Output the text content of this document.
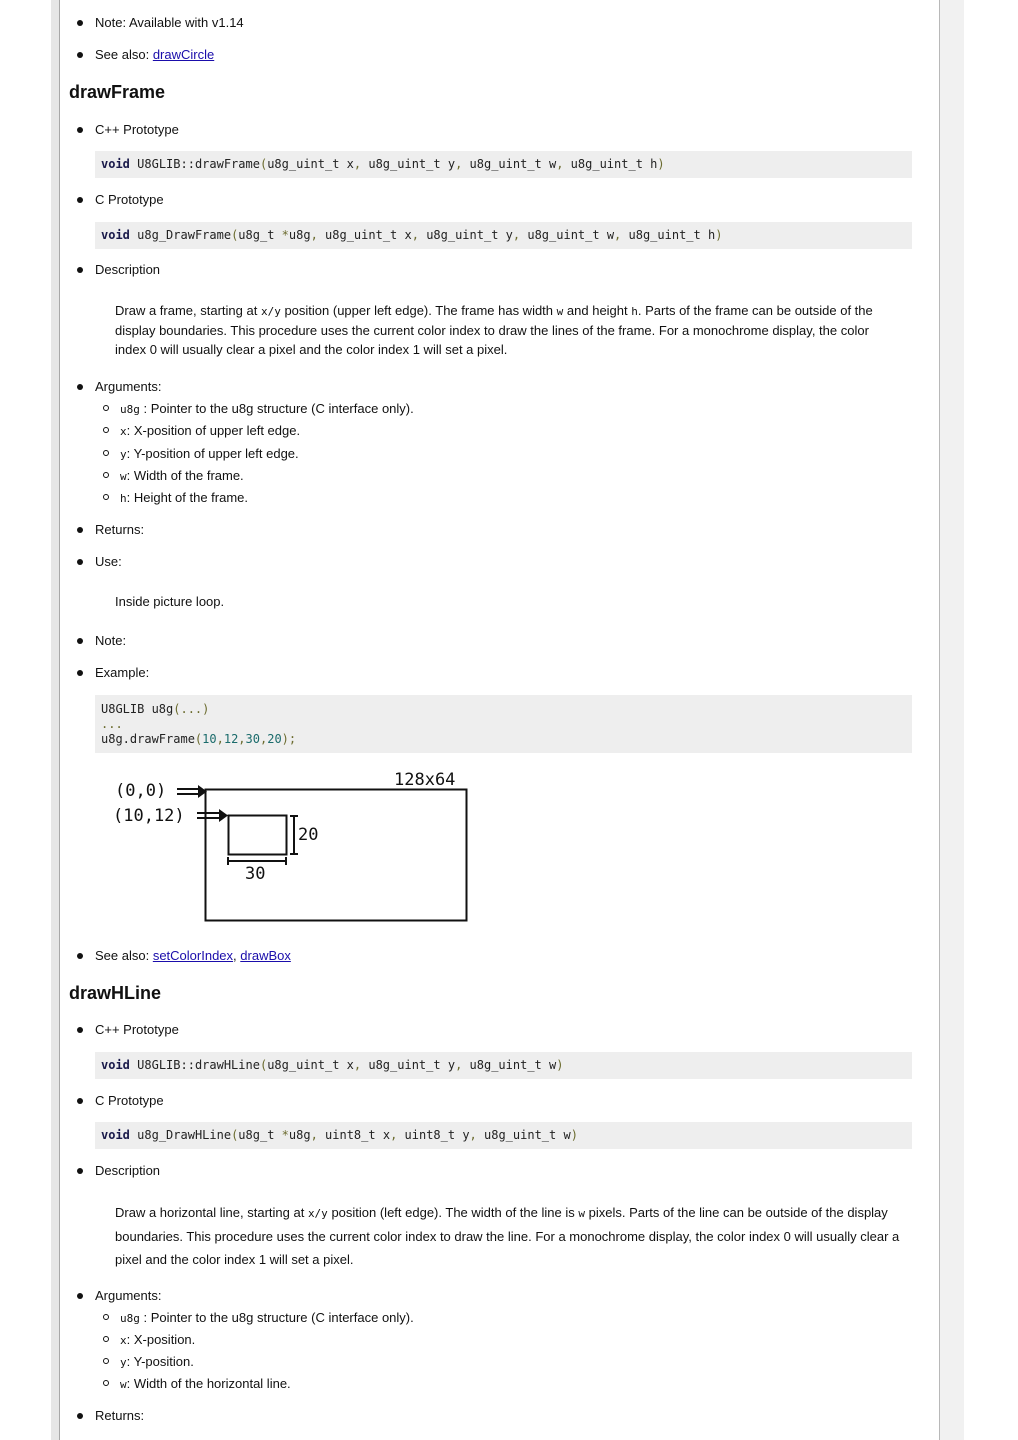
Note: Available with v1.14
See also: drawCircle
drawFrame
C++ Prototype
void U8GLIB::drawFrame(u8g_uint_t x, u8g_uint_t y, u8g_uint_t w, u8g_uint_t h)
C Prototype
void u8g_DrawFrame(u8g_t *u8g, u8g_uint_t x, u8g_uint_t y, u8g_uint_t w, u8g_uint_t h)
Description
Draw a frame, starting at x/y position (upper left edge). The frame has width w and height h. Parts of the frame can be outside of the display boundaries. This procedure uses the current color index to draw the lines of the frame. For a monochrome display, the color index 0 will usually clear a pixel and the color index 1 will set a pixel.
Arguments:
u8g : Pointer to the u8g structure (C interface only).
x: X-position of upper left edge.
y: Y-position of upper left edge.
w: Width of the frame.
h: Height of the frame.
Returns:
Use:
Inside picture loop.
Note:
Example:
U8GLIB u8g(...)
...
u8g.drawFrame(10,12,30,20);
128x64
(0,0)
(10,12)
20
30
See also: setColorIndex, drawBox
drawHLine
C++ Prototype
void U8GLIB::drawHLine(u8g_uint_t x, u8g_uint_t y, u8g_uint_t w)
C Prototype
void u8g_DrawHLine(u8g_t *u8g, uint8_t x, uint8_t y, u8g_uint_t w)
Description
Draw a horizontal line, starting at x/y position (left edge). The width of the line is w pixels. Parts of the line can be outside of the display boundaries. This procedure uses the current color index to draw the line. For a monochrome display, the color index 0 will usually clear a pixel and the color index 1 will set a pixel.
Arguments:
u8g : Pointer to the u8g structure (C interface only).
x: X-position.
y: Y-position.
w: Width of the horizontal line.
Returns:
